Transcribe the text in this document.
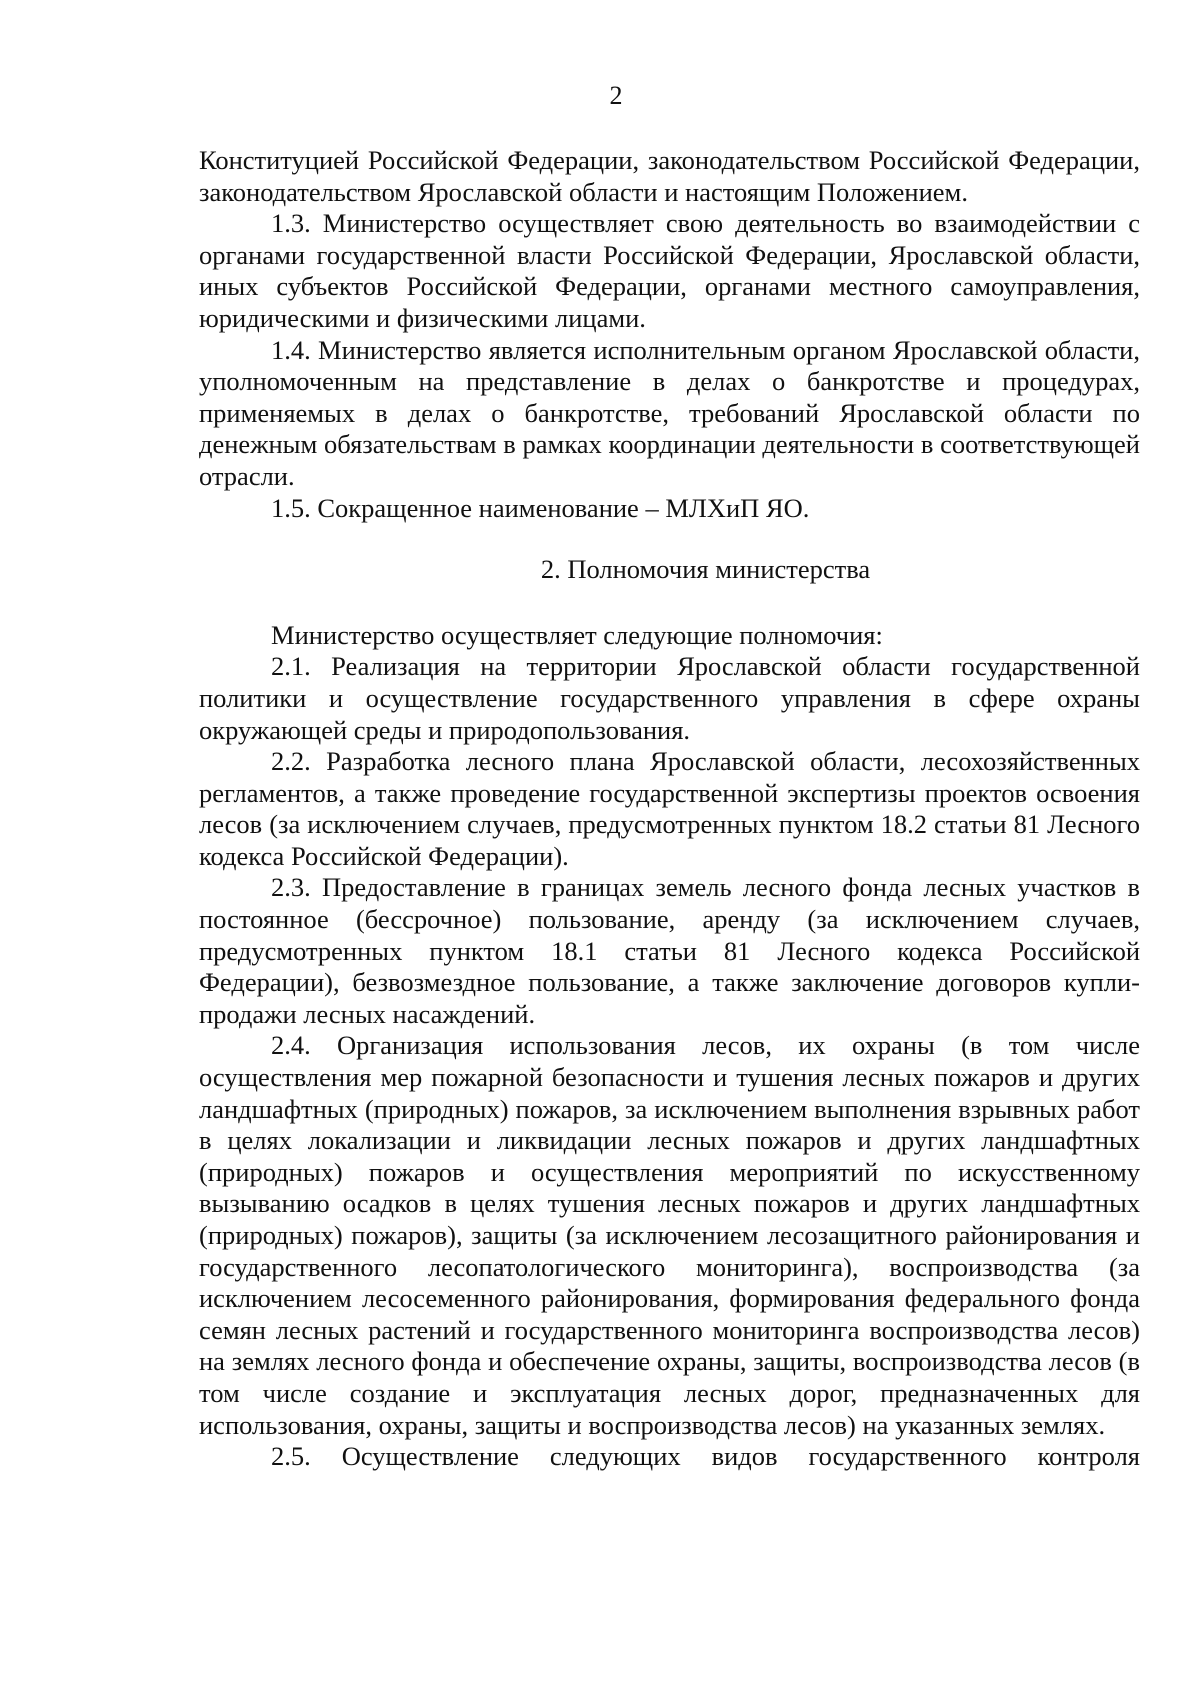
2

Конституцией Российской Федерации, законодательством Российской Федерации, законодательством Ярославской области и настоящим Положением.

1.3. Министерство осуществляет свою деятельность во взаимодействии с органами государственной власти Российской Федерации, Ярославской области, иных субъектов Российской Федерации, органами местного самоуправления, юридическими и физическими лицами.

1.4. Министерство является исполнительным органом Ярославской области, уполномоченным на представление в делах о банкротстве и процедурах, применяемых в делах о банкротстве, требований Ярославской области по денежным обязательствам в рамках координации деятельности в соответствующей отрасли.

1.5. Сокращенное наименование – МЛХиП ЯО.

2. Полномочия министерства

Министерство осуществляет следующие полномочия:

2.1. Реализация на территории Ярославской области государственной политики и осуществление государственного управления в сфере охраны окружающей среды и природопользования.

2.2. Разработка лесного плана Ярославской области, лесохозяйственных регламентов, а также проведение государственной экспертизы проектов освоения лесов (за исключением случаев, предусмотренных пунктом 18.2 статьи 81 Лесного кодекса Российской Федерации).

2.3. Предоставление в границах земель лесного фонда лесных участков в постоянное (бессрочное) пользование, аренду (за исключением случаев, предусмотренных пунктом 18.1 статьи 81 Лесного кодекса Российской Федерации), безвозмездное пользование, а также заключение договоров купли-продажи лесных насаждений.

2.4. Организация использования лесов, их охраны (в том числе осуществления мер пожарной безопасности и тушения лесных пожаров и других ландшафтных (природных) пожаров, за исключением выполнения взрывных работ в целях локализации и ликвидации лесных пожаров и других ландшафтных (природных) пожаров и осуществления мероприятий по искусственному вызыванию осадков в целях тушения лесных пожаров и других ландшафтных (природных) пожаров), защиты (за исключением лесозащитного районирования и государственного лесопатологического мониторинга), воспроизводства (за исключением лесосеменного районирования, формирования федерального фонда семян лесных растений и государственного мониторинга воспроизводства лесов) на землях лесного фонда и обеспечение охраны, защиты, воспроизводства лесов (в том числе создание и эксплуатация лесных дорог, предназначенных для использования, охраны, защиты и воспроизводства лесов) на указанных землях.

2.5. Осуществление следующих видов государственного контроля
